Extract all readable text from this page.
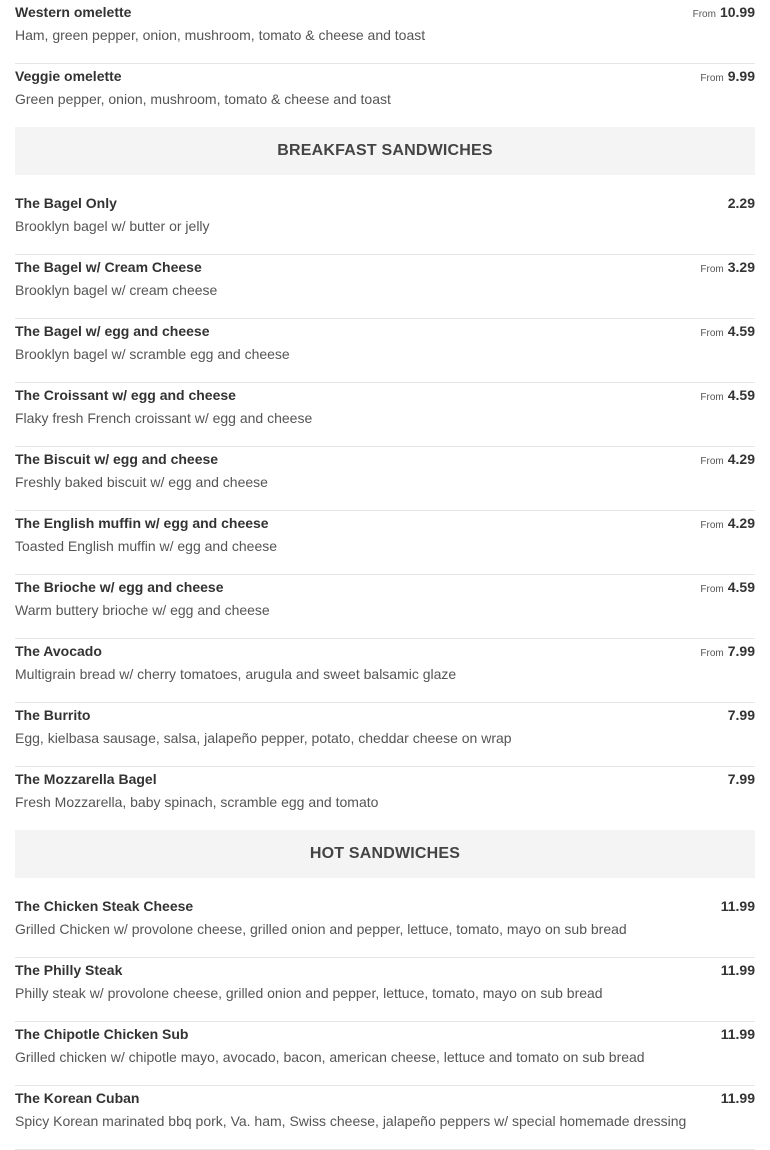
Western omelette
Ham, green pepper, onion, mushroom, tomato & cheese and toast
From 10.99
Veggie omelette
Green pepper, onion, mushroom, tomato & cheese and toast
From 9.99
BREAKFAST SANDWICHES
The Bagel Only
Brooklyn bagel w/ butter or jelly
2.29
The Bagel w/ Cream Cheese
Brooklyn bagel w/ cream cheese
From 3.29
The Bagel w/ egg and cheese
Brooklyn bagel w/ scramble egg and cheese
From 4.59
The Croissant w/ egg and cheese
Flaky fresh French croissant w/ egg and cheese
From 4.59
The Biscuit w/ egg and cheese
Freshly baked biscuit w/ egg and cheese
From 4.29
The English muffin w/ egg and cheese
Toasted English muffin w/ egg and cheese
From 4.29
The Brioche w/ egg and cheese
Warm buttery brioche w/ egg and cheese
From 4.59
The Avocado
Multigrain bread w/ cherry tomatoes, arugula and sweet balsamic glaze
From 7.99
The Burrito
Egg, kielbasa sausage, salsa, jalapeño pepper, potato, cheddar cheese on wrap
7.99
The Mozzarella Bagel
Fresh Mozzarella, baby spinach, scramble egg and tomato
7.99
HOT SANDWICHES
The Chicken Steak Cheese
Grilled Chicken w/ provolone cheese, grilled onion and pepper, lettuce, tomato, mayo on sub bread
11.99
The Philly Steak
Philly steak w/ provolone cheese, grilled onion and pepper, lettuce, tomato, mayo on sub bread
11.99
The Chipotle Chicken Sub
Grilled chicken w/ chipotle mayo, avocado, bacon, american cheese, lettuce and tomato on sub bread
11.99
The Korean Cuban
Spicy Korean marinated bbq pork, Va. ham, Swiss cheese, jalapeño peppers w/ special homemade dressing
11.99
